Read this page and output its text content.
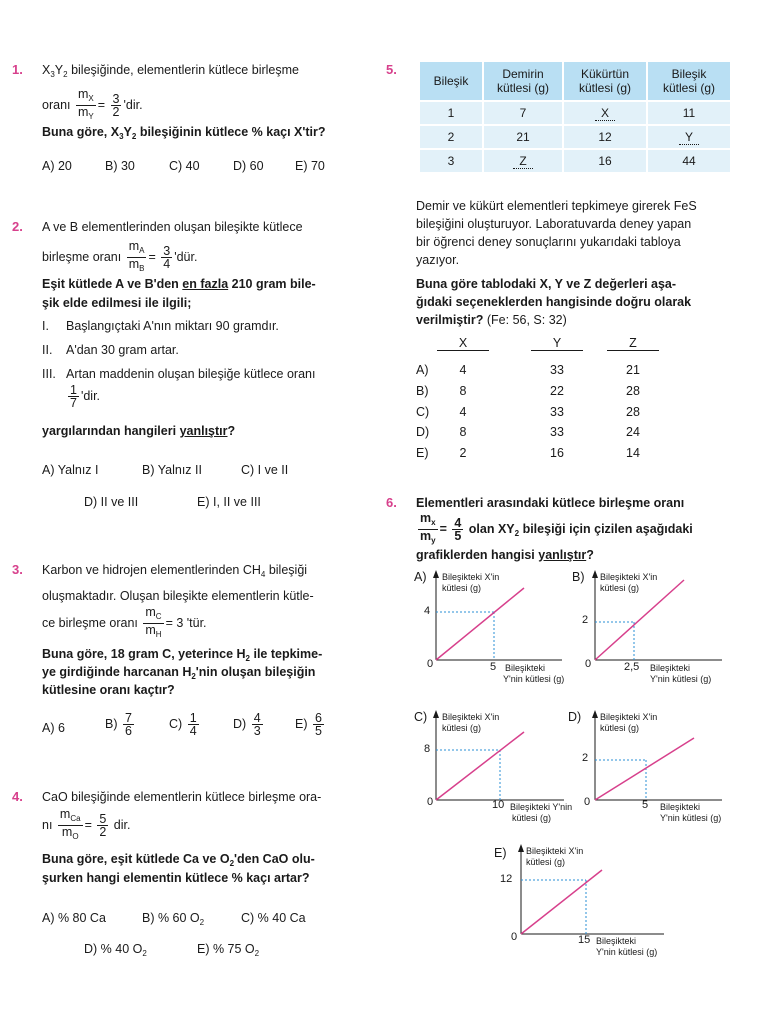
1. $X_3Y_2$ bileşiğinde, elementlerin kütlece birleşme
oranı $\frac{m_X}{m_Y} = \frac{3}{2}$ 'dir.
Buna göre, $X_3Y_2$ bileşiğinin kütlece % kaçı X'tir?
A) 20	B) 30	C) 40	D) 60	E) 70
2. A ve B elementlerinden oluşan bileşikte kütlece
birleşme oranı $\frac{m_A}{m_B} = \frac{3}{4}$ 'dür.
Eşit kütlede A ve B'den en fazla 210 gram bile-
şik elde edilmesi ile ilgili;
I. Başlangıçtaki A'nın miktarı 90 gramdır.
II. A'dan 30 gram artar.
III. Artan maddenin oluşan bileşiğe kütlece oranı
$\frac{1}{7}$ 'dir.
yargılarından hangileri yanlıştır?
A) Yalnız I	B) Yalnız II	C) I ve II
D) II ve III	E) I, II ve III
3. Karbon ve hidrojen elementlerinden $CH_4$ bileşiği
oluşmaktadır. Oluşan bileşikte elementlerin kütle-
ce birleşme oranı $\frac{m_C}{m_H} = 3$ 'tür.
Buna göre, 18 gram C, yeterince $H_2$ ile tepkime-
ye girdiğinde harcanan $H_2'nin$ oluşan bileşiğin
kütlesine oranı kaçtır?
A) 6	$B) \frac{7}{6}$	$C) \frac{1}{4}$	$D) \frac{4}{3}$	$E) \frac{6}{5}$
4. CaO bileşiğinde elementlerin kütlece birleşme ora-
nı $\frac{m_{Ca}}{m_O} = \frac{5}{2}$ dir.
Buna göre, eşit kütlede Ca ve $O_2'den$ CaO olu-
şurken hangi elementin kütlece % kaçı artar?
A) % 80 Ca	B) % 60 $O_2$	C) % 40 Ca
D) % 40 $O_2$	E) % 75 $O_2$
5.
Bileşik	Demirin kütlesi (g)	Kükürtün kütlesi (g)	Bileşik kütlesi (g)
1	7	X	11
2	21	12	Y
3	Z	16	44
Demir ve kükürt elementleri tepkimeye girerek FeS
bileşiğini oluşturuyor. Laboratuvarda deney yapan
bir öğrenci deney sonuçlarını yukarıdaki tabloya
yazıyor.
Buna göre tablodaki X, Y ve Z değerleri aşa-
ğıdaki seçeneklerden hangisinde doğru olarak
verilmiştir? (Fe: 56, S: 32)
X	Y	Z
A)	4	33	21
B)	8	22	28
C)	4	33	28
D)	8	33	24
E)	2	16	14
6. Elementleri arasındaki kütlece birleşme oranı
$\frac{m_x}{m_y} = \frac{4}{5}$ olan $XY_2$ bileşiği için çizilen aşağıdaki
grafiklerden hangisi yanlıştır?
A) Bileşikteki X'in
kütlesi (g)
4
0	5 Bileşikteki
Y'nin kütlesi (g)
B) Bileşikteki X'in
kütlesi (g)
2
0	2,5 Bileşikteki
Y'nin kütlesi (g)
C) Bileşikteki X'in
kütlesi (g)
8
0	10 Bileşikteki Y'nin
kütlesi (g)
D) Bileşikteki X'in
kütlesi (g)
2
0	5 Bileşikteki
Y'nin kütlesi (g)
E) Bileşikteki X'in
kütlesi (g)
12
0	15 Bileşikteki
Y'nin kütlesi (g)
